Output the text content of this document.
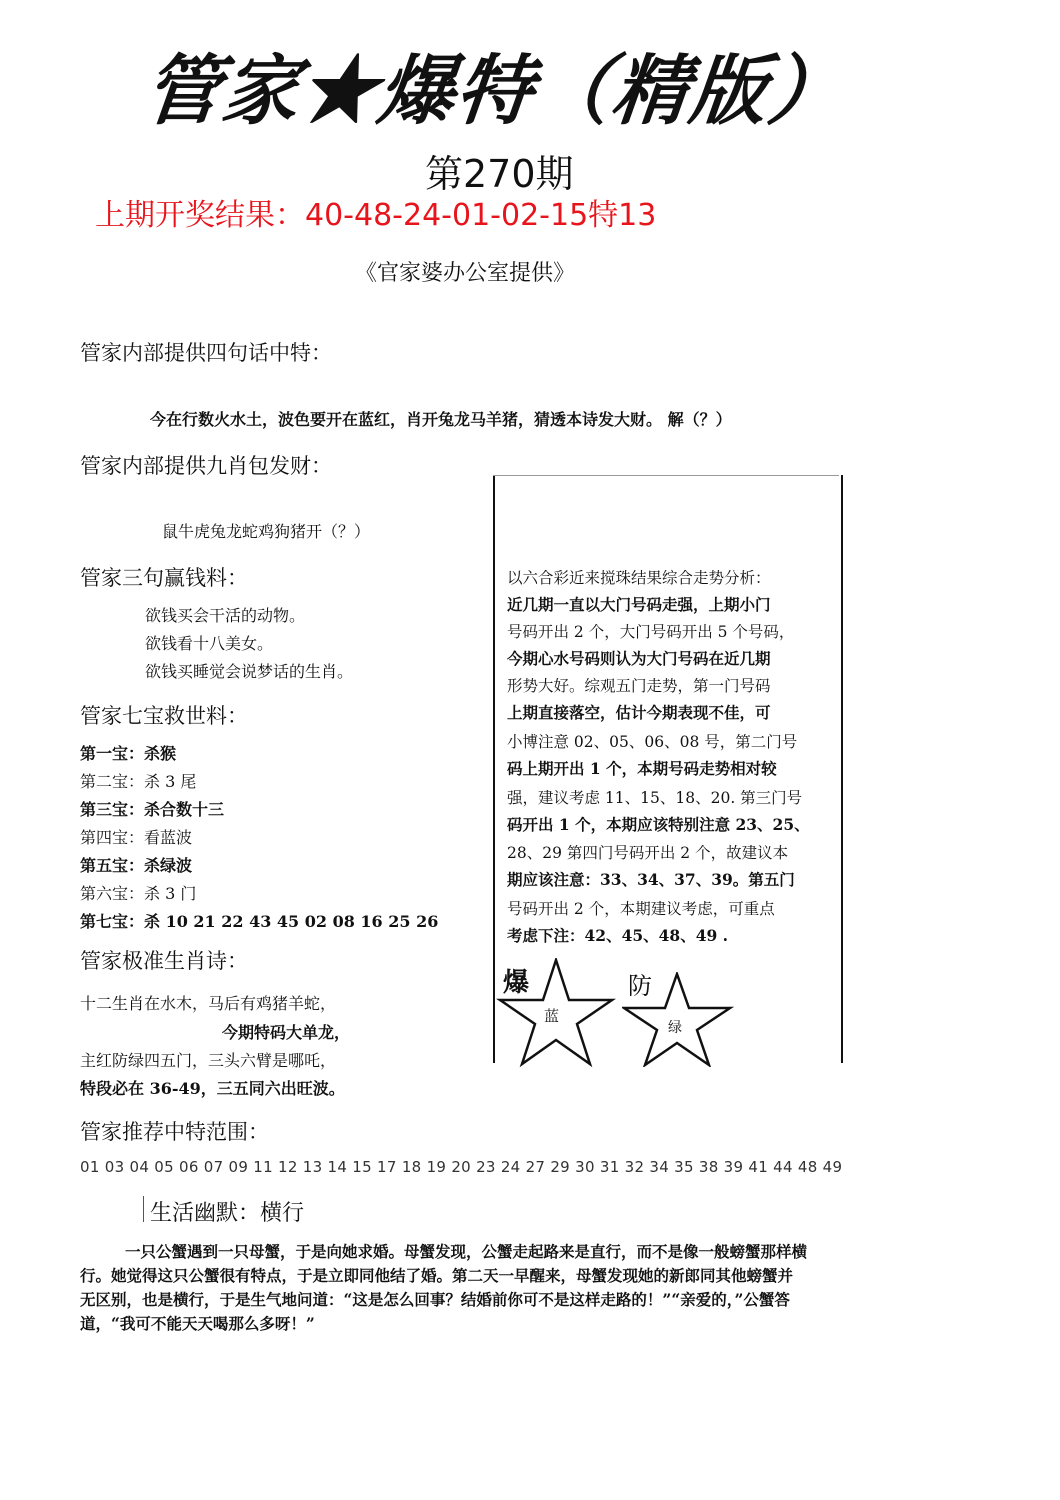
管家★爆特（精版）
第270期
上期开奖结果：40-48-24-01-02-15特13
《官家婆办公室提供》
管家内部提供四句话中特：
今在行数火水土，波色要开在蓝红，肖开兔龙马羊猪，猜透本诗发大财。 解（？）
管家内部提供九肖包发财：
鼠牛虎兔龙蛇鸡狗猪开（？）
管家三句赢钱料：
欲钱买会干活的动物。
欲钱看十八美女。
欲钱买睡觉会说梦话的生肖。
管家七宝救世料：
第一宝：杀猴
第二宝：杀 3 尾
第三宝：杀合数十三
第四宝：看蓝波
第五宝：杀绿波
第六宝：杀 3 门
第七宝：杀 10 21 22 43 45 02 08 16 25 26
管家极准生肖诗：
十二生肖在水木，马后有鸡猪羊蛇，
今期特码大单龙，
主红防绿四五门，三头六臂是哪吒，
特段必在 36-49，三五同六出旺波。
以六合彩近来搅珠结果综合走势分析：
近几期一直以大门号码走强，上期小门
号码开出 2 个，大门号码开出 5 个号码，
今期心水号码则认为大门号码在近几期
形势大好。综观五门走势，第一门号码
上期直接落空，估计今期表现不佳，可
小博注意 02、05、06、08 号，第二门号
码上期开出 1 个，本期号码走势相对较
强，建议考虑 11、15、18、20. 第三门号
码开出 1 个，本期应该特别注意 23、25、
28、29 第四门号码开出 2 个，故建议本
期应该注意：33、34、37、39。第五门
号码开出 2 个，本期建议考虑，可重点
考虑下注：42、45、48、49 .
爆
蓝
防
绿
管家推荐中特范围：
01 03 04 05 06 07 09 11 12 13 14 15 17 18 19 20 23 24 27 29 30 31 32 34 35 38 39 41 44 48 49
生活幽默：横行
一只公蟹遇到一只母蟹，于是向她求婚。母蟹发现，公蟹走起路来是直行，而不是像一般螃蟹那样横
行。她觉得这只公蟹很有特点，于是立即同他结了婚。第二天一早醒来，母蟹发现她的新郎同其他螃蟹并
无区别，也是横行，于是生气地问道：“这是怎么回事？结婚前你可不是这样走路的！”“亲爱的，”公蟹答
道，“我可不能天天喝那么多呀！”
